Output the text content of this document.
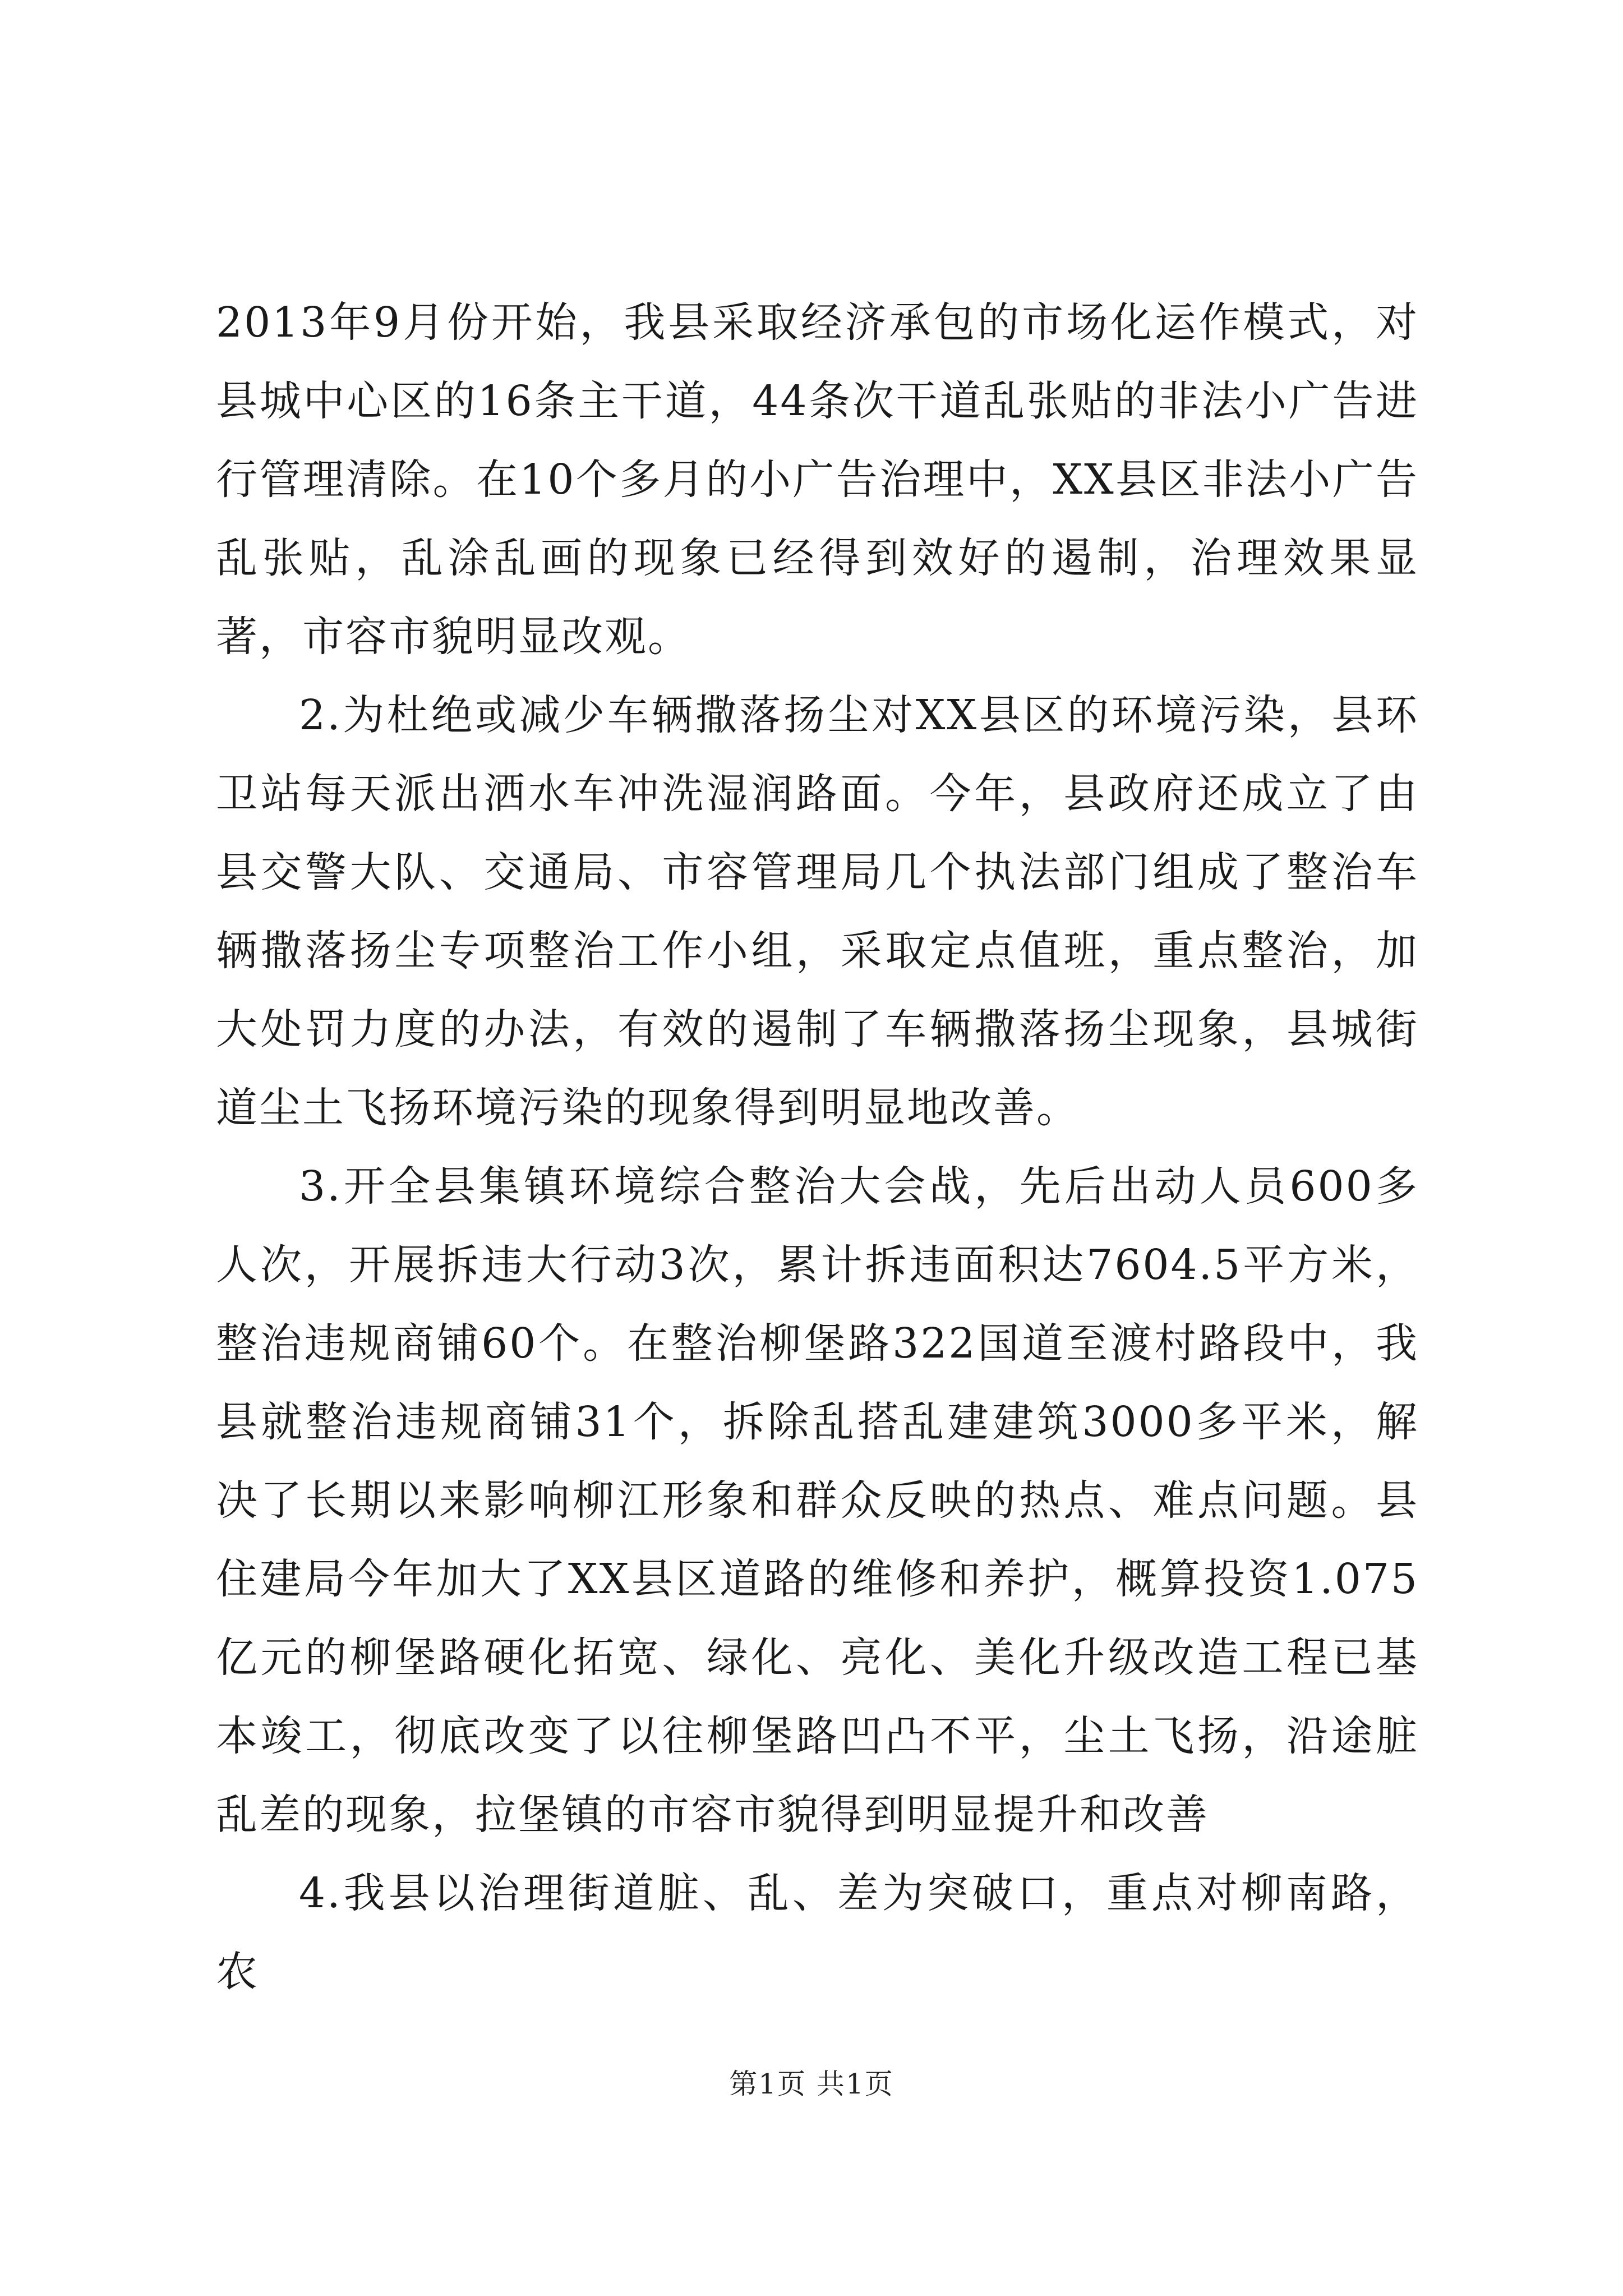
2013年9月份开始，我县采取经济承包的市场化运作模式，对县城中心区的16条主干道，44条次干道乱张贴的非法小广告进行管理清除。在10个多月的小广告治理中，XX县区非法小广告乱张贴，乱涂乱画的现象已经得到效好的遏制，治理效果显著，市容市貌明显改观。

2.为杜绝或减少车辆撒落扬尘对XX县区的环境污染，县环卫站每天派出洒水车冲洗湿润路面。今年，县政府还成立了由县交警大队、交通局、市容管理局几个执法部门组成了整治车辆撒落扬尘专项整治工作小组，采取定点值班，重点整治，加大处罚力度的办法，有效的遏制了车辆撒落扬尘现象，县城街道尘土飞扬环境污染的现象得到明显地改善。

3.开全县集镇环境综合整治大会战，先后出动人员600多人次，开展拆违大行动3次，累计拆违面积达7604.5平方米，整治违规商铺60个。在整治柳堡路322国道至渡村路段中，我县就整治违规商铺31个，拆除乱搭乱建建筑3000多平米，解决了长期以来影响柳江形象和群众反映的热点、难点问题。县住建局今年加大了XX县区道路的维修和养护，概算投资1.075亿元的柳堡路硬化拓宽、绿化、亮化、美化升级改造工程已基本竣工，彻底改变了以往柳堡路凹凸不平，尘土飞扬，沿途脏乱差的现象，拉堡镇的市容市貌得到明显提升和改善

4.我县以治理街道脏、乱、差为突破口，重点对柳南路，农

第1页 共1页
